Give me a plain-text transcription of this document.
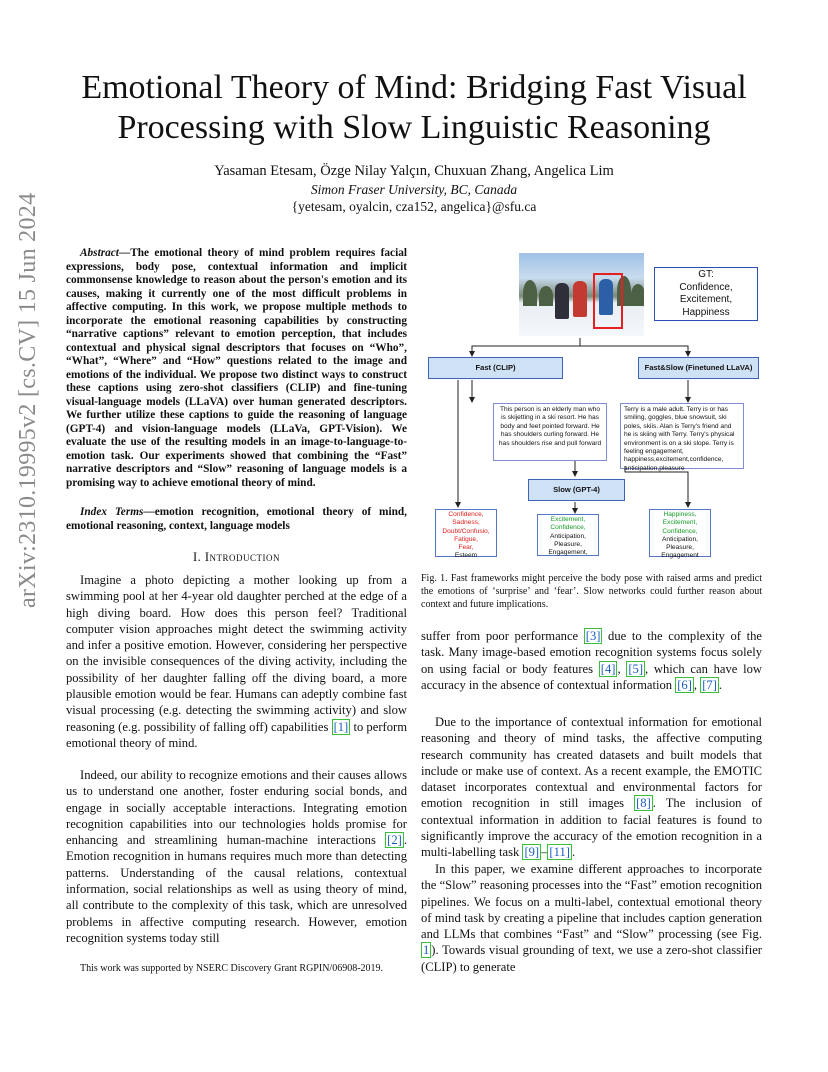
arXiv:2310.19995v2 [cs.CV] 15 Jun 2024
Emotional Theory of Mind: Bridging Fast Visual
Processing with Slow Linguistic Reasoning
Yasaman Etesam, Özge Nilay Yalçın, Chuxuan Zhang, Angelica Lim
Simon Fraser University, BC, Canada
{yetesam, oyalcin, cza152, angelica}@sfu.ca
Abstract—The emotional theory of mind problem requires facial expressions, body pose, contextual information and implicit commonsense knowledge to reason about the person's emotion and its causes, making it currently one of the most difficult problems in affective computing. In this work, we propose multiple methods to incorporate the emotional reasoning capabilities by constructing “narrative captions” relevant to emotion perception, that includes contextual and physical signal descriptors that focuses on “Who”, “What”, “Where” and “How” questions related to the image and emotions of the individual. We propose two distinct ways to construct these captions using zero-shot classifiers (CLIP) and fine-tuning visual-language models (LLaVA) over human generated descriptors. We further utilize these captions to guide the reasoning of language (GPT-4) and vision-language models (LLaVa, GPT-Vision). We evaluate the use of the resulting models in an image-to-language-to-emotion task. Our experiments showed that combining the “Fast” narrative descriptors and “Slow” reasoning of language models is a promising way to achieve emotional theory of mind.
Index Terms—emotion recognition, emotional theory of mind, emotional reasoning, context, language models
I. Introduction
Imagine a photo depicting a mother looking up from a swimming pool at her 4-year old daughter perched at the edge of a high diving board. How does this person feel? Traditional computer vision approaches might detect the swimming activity and infer a positive emotion. However, considering her perspective on the invisible consequences of the diving activity, including the possibility of her daughter falling off the diving board, a more plausible emotion would be fear. Humans can adeptly combine fast visual processing (e.g. detecting the swimming activity) and slow reasoning (e.g. possibility of falling off) capabilities [1] to perform emotional theory of mind.
Indeed, our ability to recognize emotions and their causes allows us to understand one another, foster enduring social bonds, and engage in socially acceptable interactions. Integrating emotion recognition capabilities into our technologies holds promise for enhancing and streamlining human-machine interactions [2] . Emotion recognition in humans requires much more than detecting patterns. Understanding of the causal relations, contextual information, social relationships as well as using theory of mind, all contribute to the complexity of this task, which are unresolved problems in affective computing research. However, emotion recognition systems today still
This work was supported by NSERC Discovery Grant RGPIN/06908-2019.
GT:
Confidence,
Excitement,
Happiness
Fast (CLIP)	Fast&Slow (Finetuned LLaVA)
This person is an elderly man who is skijetting in a ski resort. He has body and feet pointed forward. He has shoulders curling forward. He has shoulders rise and pull forward
Terry is a male adult. Terry is or has smiling, goggles, blue snowsuit, ski poles, skiis. Alan is Terry's friend and he is skiing with Terry. Terry's physical environment is on a ski slope. Terry is feeling engagement, happiness,excitement,confidence, anticipation,pleasure
Slow (GPT-4)
Confidence,
Sadness,
Doubt/Confusio,
Fatigue,
Fear,
Esteem
Excitement,
Confidence,
Anticipation,
Pleasure,
Engagement,
Happiness,
Excitement,
Confidence,
Anticipation,
Pleasure,
Engagement
Fig. 1. Fast frameworks might perceive the body pose with raised arms and predict the emotions of ‘surprise’ and ‘fear’. Slow networks could further reason about context and future implications.
suffer from poor performance [3] due to the complexity of the task. Many image-based emotion recognition systems focus solely on using facial or body features [4] , [5] , which can have low accuracy in the absence of contextual information [6] , [7] .
Due to the importance of contextual information for emotional reasoning and theory of mind tasks, the affective computing research community has created datasets and built models that include or make use of context. As a recent example, the EMOTIC dataset incorporates contextual and environmental factors for emotion recognition in still images [8] . The inclusion of contextual information in addition to facial features is found to significantly improve the accuracy of the emotion recognition in a multi-labelling task [9] – [11] .
In this paper, we examine different approaches to incorporate the “Slow” reasoning processes into the “Fast” emotion recognition pipelines. We focus on a multi-label, contextual emotional theory of mind task by creating a pipeline that includes caption generation and LLMs that combines “Fast” and “Slow” processing (see Fig. 1 ). Towards visual grounding of text, we use a zero-shot classifier (CLIP) to generate
